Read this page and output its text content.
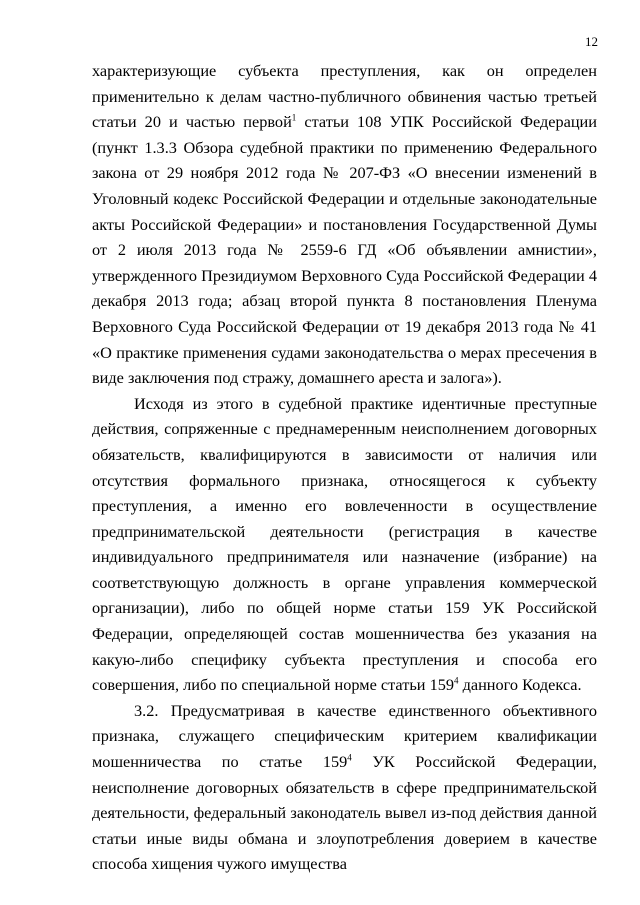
12

характеризующие субъекта преступления, как он определен применительно к делам частно-публичного обвинения частью третьей статьи 20 и частью первой$^1$ статьи 108 УПК Российской Федерации (пункт 1.3.3 Обзора судебной практики по применению Федерального закона от 29 ноября 2012 года № 207-ФЗ «О внесении изменений в Уголовный кодекс Российской Федерации и отдельные законодательные акты Российской Федерации» и постановления Государственной Думы от 2 июля 2013 года № 2559-6 ГД «Об объявлении амнистии», утвержденного Президиумом Верховного Суда Российской Федерации 4 декабря 2013 года; абзац второй пункта 8 постановления Пленума Верховного Суда Российской Федерации от 19 декабря 2013 года № 41 «О практике применения судами законодательства о мерах пресечения в виде заключения под стражу, домашнего ареста и залога»).

Исходя из этого в судебной практике идентичные преступные действия, сопряженные с преднамеренным неисполнением договорных обязательств, квалифицируются в зависимости от наличия или отсутствия формального признака, относящегося к субъекту преступления, а именно его вовлеченности в осуществление предпринимательской деятельности (регистрация в качестве индивидуального предпринимателя или назначение (избрание) на соответствующую должность в органе управления коммерческой организации), либо по общей норме статьи 159 УК Российской Федерации, определяющей состав мошенничества без указания на какую-либо специфику субъекта преступления и способа его совершения, либо по специальной норме статьи $159^4$ данного Кодекса.

3.2. Предусматривая в качестве единственного объективного признака, служащего специфическим критерием квалификации мошенничества по статье $159^4$ УК Российской Федерации, неисполнение договорных обязательств в сфере предпринимательской деятельности, федеральный законодатель вывел из-под действия данной статьи иные виды обмана и злоупотребления доверием в качестве способа хищения чужого имущества
